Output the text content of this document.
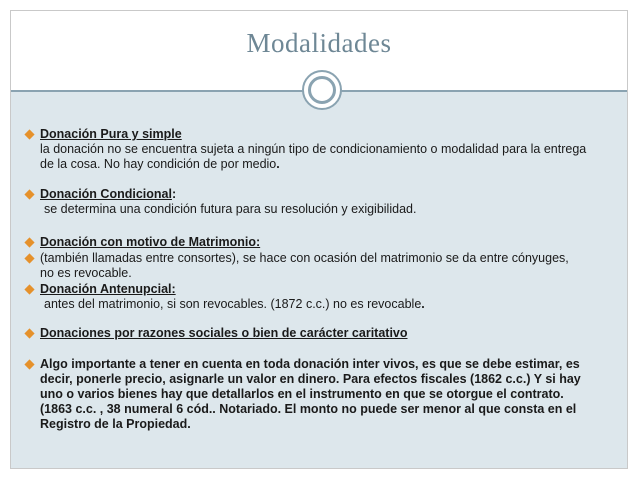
Modalidades
Donación Pura y simple
la donación no se encuentra sujeta a ningún tipo de condicionamiento o modalidad para la entrega de la cosa. No hay condición de por medio.
Donación Condicional:
se determina una condición futura para su resolución y exigibilidad.
Donación con motivo de Matrimonio:
(también llamadas entre consortes), se hace con ocasión del matrimonio se da entre cónyuges, no es revocable.
Donación Antenupcial:
antes del matrimonio, si son revocables. (1872 c.c.) no es revocable.
Donaciones por razones sociales o bien de carácter caritativo
Algo importante a tener en cuenta en toda donación inter vivos, es que se debe estimar, es decir, ponerle precio, asignarle un valor en dinero. Para efectos fiscales (1862 c.c.) Y si hay uno o varios bienes hay que detallarlos en el instrumento en que se otorgue el contrato. (1863 c.c. , 38 numeral 6 cód.. Notariado. El monto no puede ser menor al que consta en el Registro de la Propiedad.
